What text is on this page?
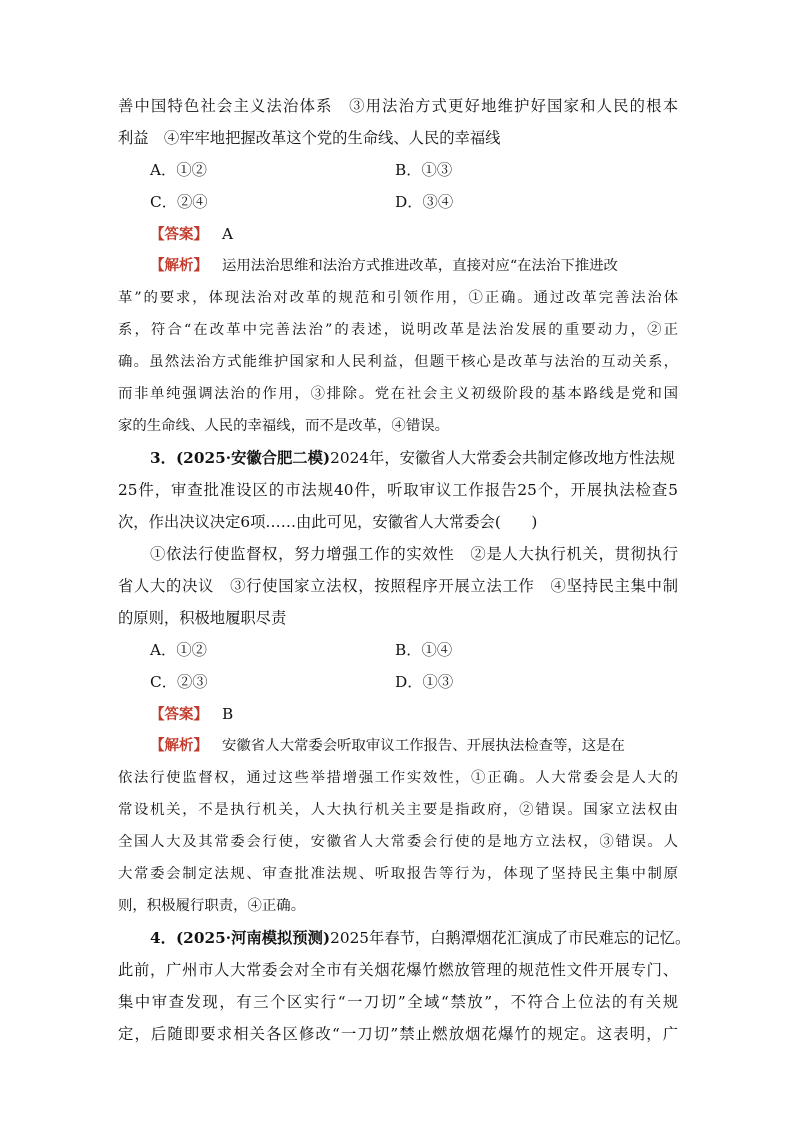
善中国特色社会主义法治体系　③用法治方式更好地维护好国家和人民的根本
利益　④牢牢地把握改革这个党的生命线、人民的幸福线
A．①②	B．①③
C．②④	D．③④
【答案】 A
【解析】 运用法治思维和法治方式推进改革，直接对应“在法治下推进改
革”的要求，体现法治对改革的规范和引领作用，①正确。通过改革完善法治体
系，符合“在改革中完善法治”的表述，说明改革是法治发展的重要动力，②正
确。虽然法治方式能维护国家和人民利益，但题干核心是改革与法治的互动关系，
而非单纯强调法治的作用，③排除。党在社会主义初级阶段的基本路线是党和国
家的生命线、人民的幸福线，而不是改革，④错误。
3．(2025·安徽合肥二模)2024年，安徽省人大常委会共制定修改地方性法规
25件，审查批准设区的市法规40件，听取审议工作报告25个，开展执法检查5
次，作出决议决定6项……由此可见，安徽省人大常委会(　　)
①依法行使监督权，努力增强工作的实效性　②是人大执行机关，贯彻执行
省人大的决议　③行使国家立法权，按照程序开展立法工作　④坚持民主集中制
的原则，积极地履职尽责
A．①②	B．①④
C．②③	D．①③
【答案】 B
【解析】 安徽省人大常委会听取审议工作报告、开展执法检查等，这是在
依法行使监督权，通过这些举措增强工作实效性，①正确。人大常委会是人大的
常设机关，不是执行机关，人大执行机关主要是指政府，②错误。国家立法权由
全国人大及其常委会行使，安徽省人大常委会行使的是地方立法权，③错误。人
大常委会制定法规、审查批准法规、听取报告等行为，体现了坚持民主集中制原
则，积极履行职责，④正确。
4．(2025·河南模拟预测)2025年春节，白鹅潭烟花汇演成了市民难忘的记忆。
此前，广州市人大常委会对全市有关烟花爆竹燃放管理的规范性文件开展专门、
集中审查发现，有三个区实行“一刀切”全域“禁放”，不符合上位法的有关规
定，后随即要求相关各区修改“一刀切”禁止燃放烟花爆竹的规定。这表明，广
